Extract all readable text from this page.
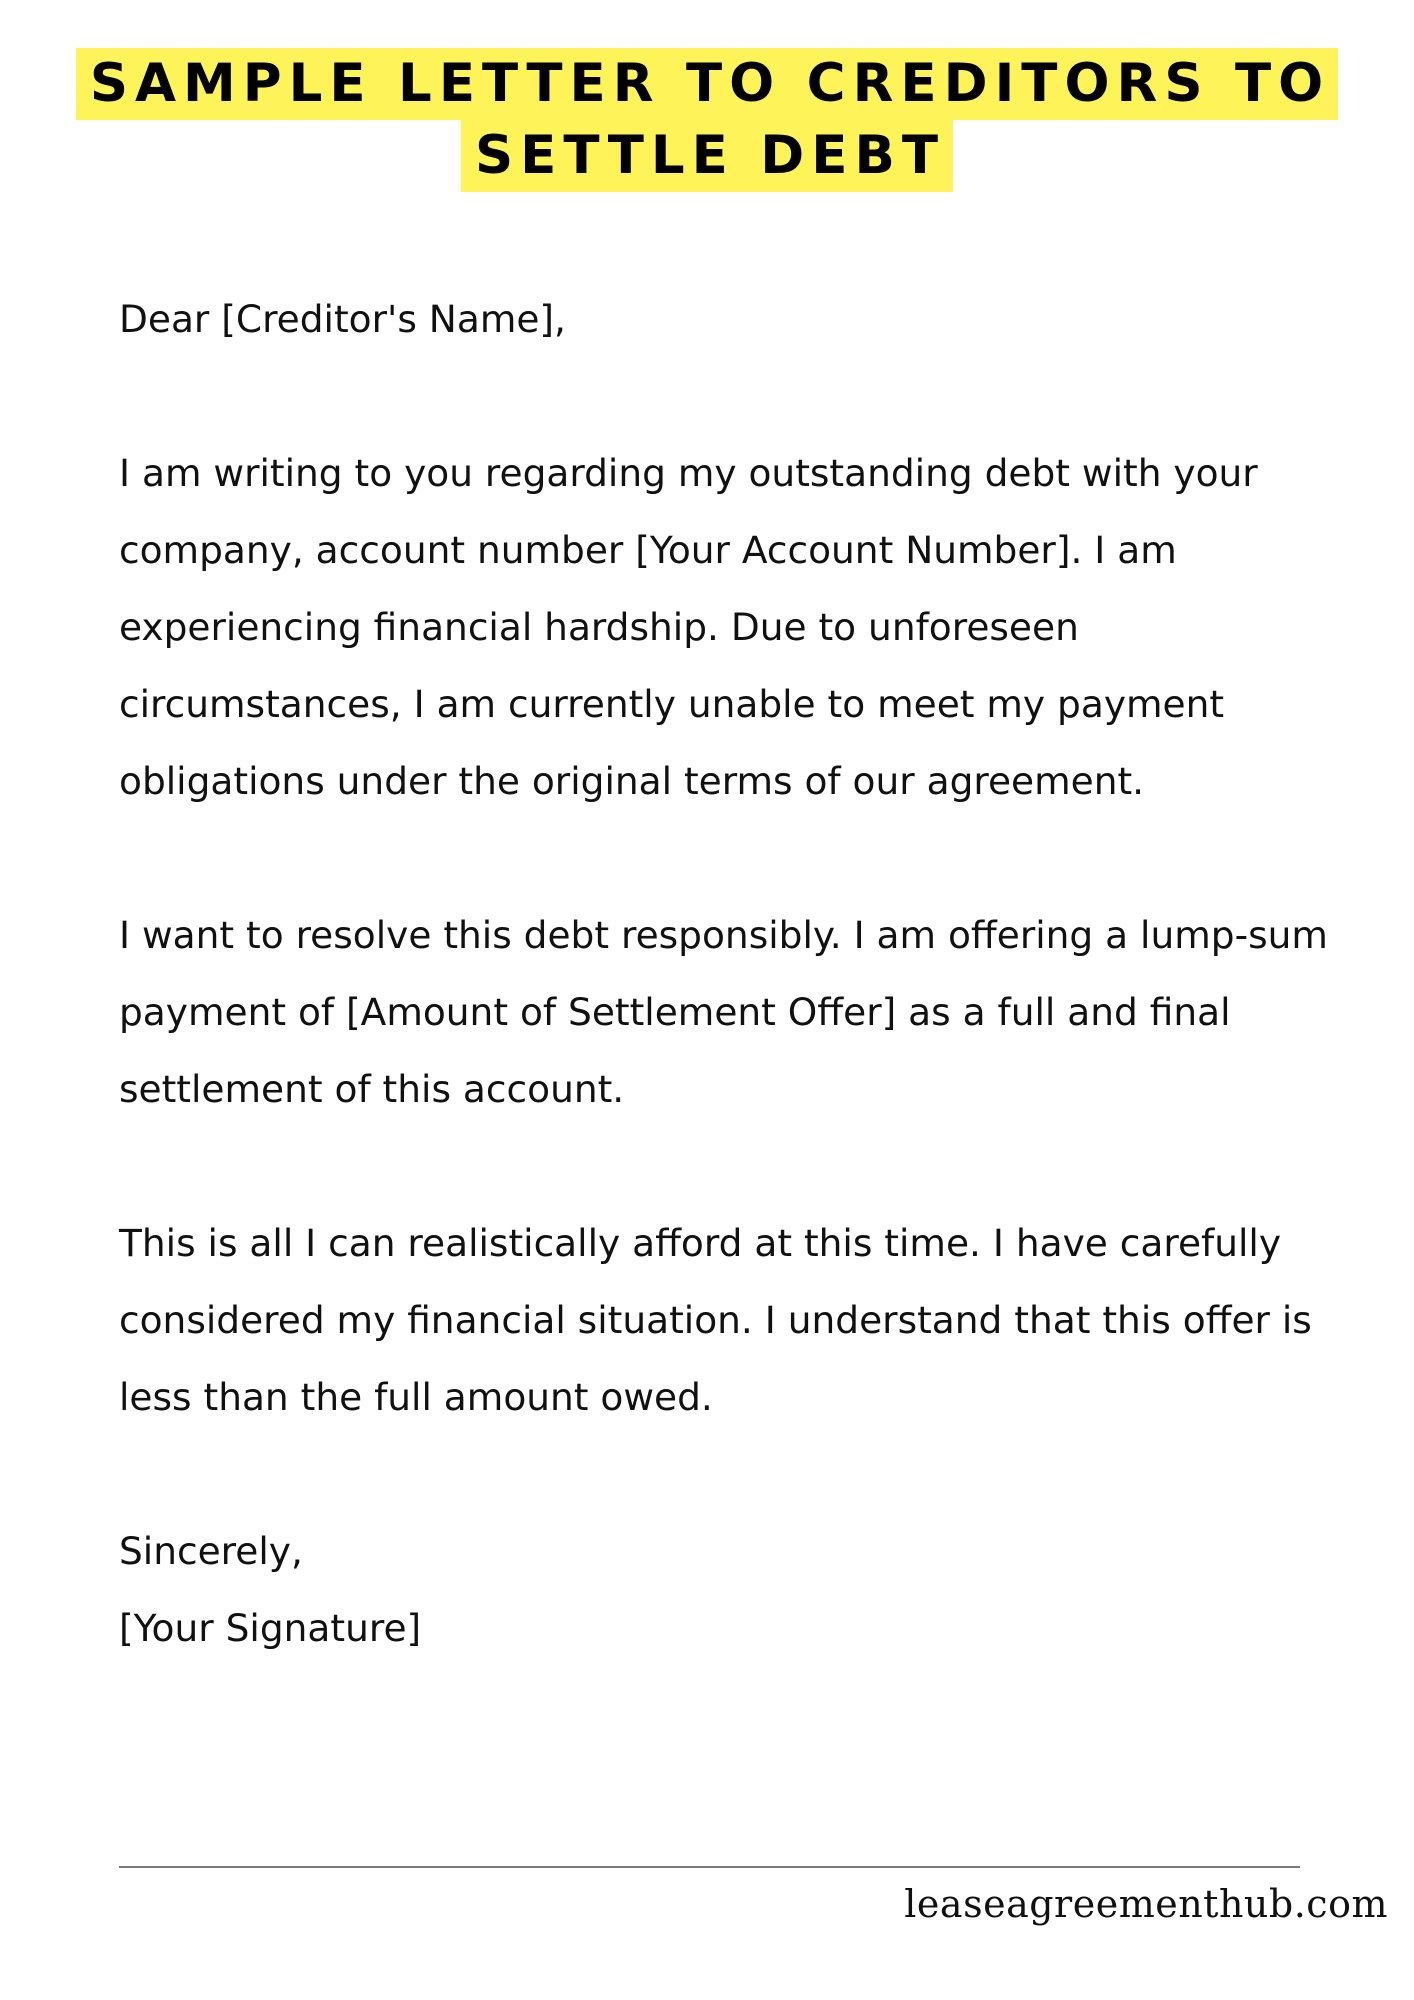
SAMPLE LETTER TO CREDITORS TO
SETTLE DEBT

Dear [Creditor's Name],

I am writing to you regarding my outstanding debt with your company, account number [Your Account Number]. I am experiencing financial hardship. Due to unforeseen circumstances, I am currently unable to meet my payment obligations under the original terms of our agreement.

I want to resolve this debt responsibly. I am offering a lump-sum payment of [Amount of Settlement Offer] as a full and final settlement of this account.

This is all I can realistically afford at this time. I have carefully considered my financial situation. I understand that this offer is less than the full amount owed.

Sincerely,

[Your Signature]

leaseagreementhub.com
